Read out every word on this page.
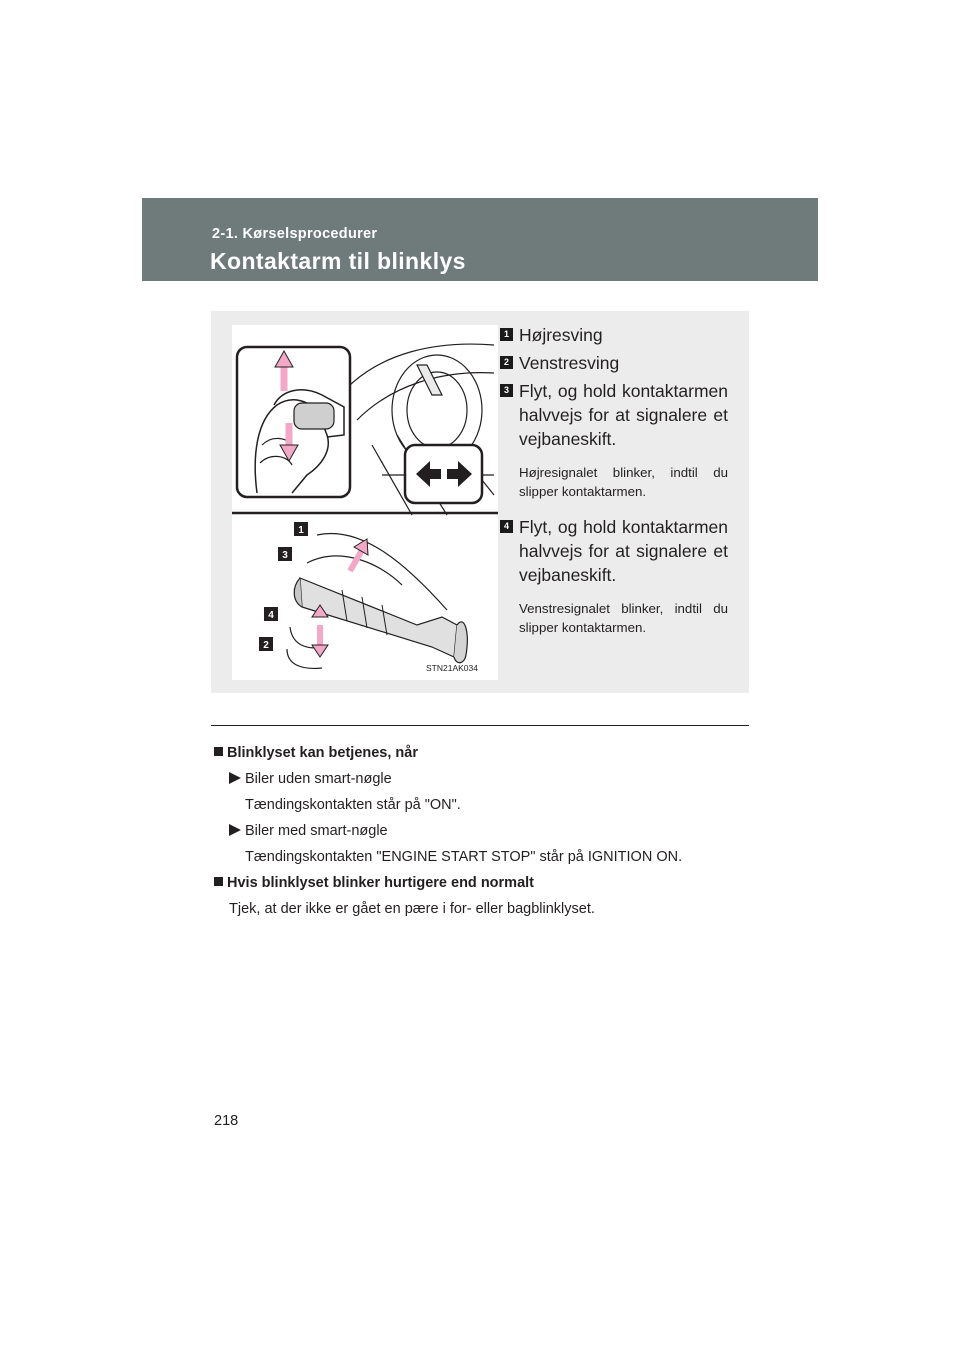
2-1. Kørselsprocedurer
Kontaktarm til blinklys
1
3
4
2
STN21AK034
1 Højresving
2 Venstresving
3 Flyt, og hold kontaktarmen halvvejs for at signalere et vejbaneskift.
Højresignalet blinker, indtil du slipper kontaktarmen.
4 Flyt, og hold kontaktarmen halvvejs for at signalere et vejbaneskift.
Venstresignalet blinker, indtil du slipper kontaktarmen.
Blinklyset kan betjenes, når
Biler uden smart-nøgle
Tændingskontakten står på "ON".
Biler med smart-nøgle
Tændingskontakten "ENGINE START STOP" står på IGNITION ON.
Hvis blinklyset blinker hurtigere end normalt
Tjek, at der ikke er gået en pære i for- eller bagblinklyset.
218
